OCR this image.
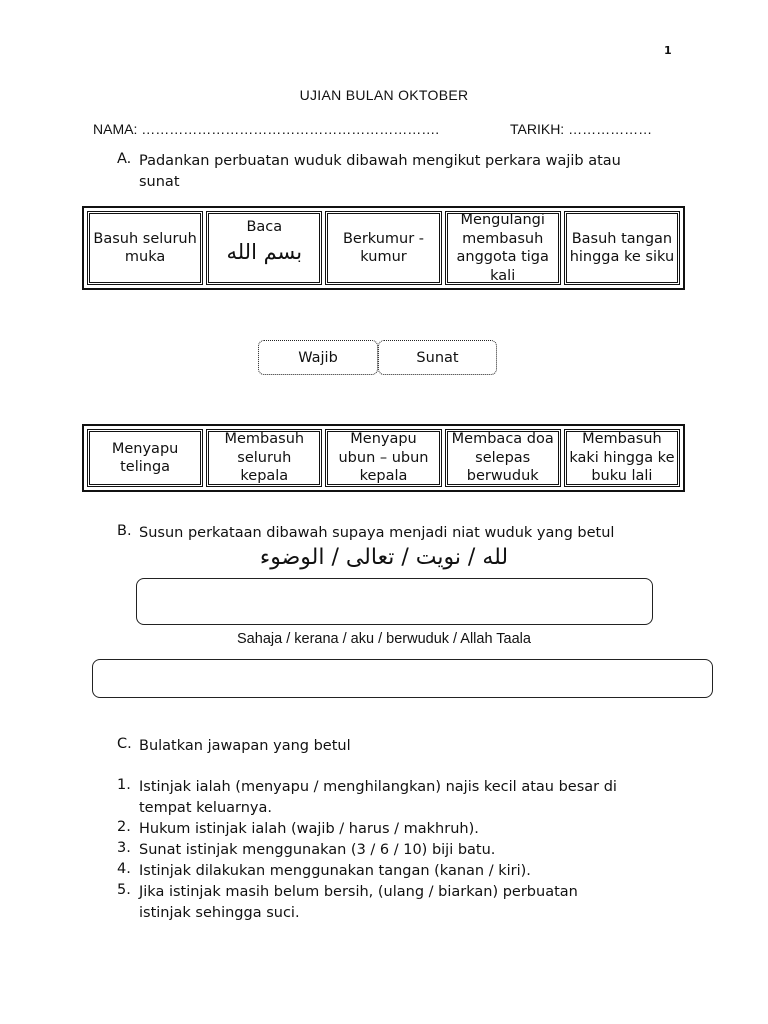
1
UJIAN BULAN OKTOBER
NAMA: ……………………………………………………….	TARIKH: ………………
A. Padankan perbuatan wuduk dibawah mengikut perkara wajib atau sunat
Basuh seluruh muka
Baca
بسم الله
Berkumur - kumur
Mengulangi membasuh anggota tiga kali
Basuh tangan hingga ke siku
Wajib	Sunat
Menyapu telinga
Membasuh seluruh kepala
Menyapu ubun – ubun kepala
Membaca doa selepas berwuduk
Membasuh kaki hingga ke buku lali
B. Susun perkataan dibawah supaya menjadi niat wuduk yang betul
لله / نويت / تعالى / الوضوء
Sahaja / kerana / aku / berwuduk / Allah Taala
C. Bulatkan jawapan yang betul
1. Istinjak ialah (menyapu / menghilangkan) najis kecil atau besar di
tempat keluarnya.
2. Hukum istinjak ialah (wajib / harus / makhruh).
3. Sunat istinjak menggunakan (3 / 6 / 10) biji batu.
4. Istinjak dilakukan menggunakan tangan (kanan / kiri).
5. Jika istinjak masih belum bersih, (ulang / biarkan) perbuatan
istinjak sehingga suci.
